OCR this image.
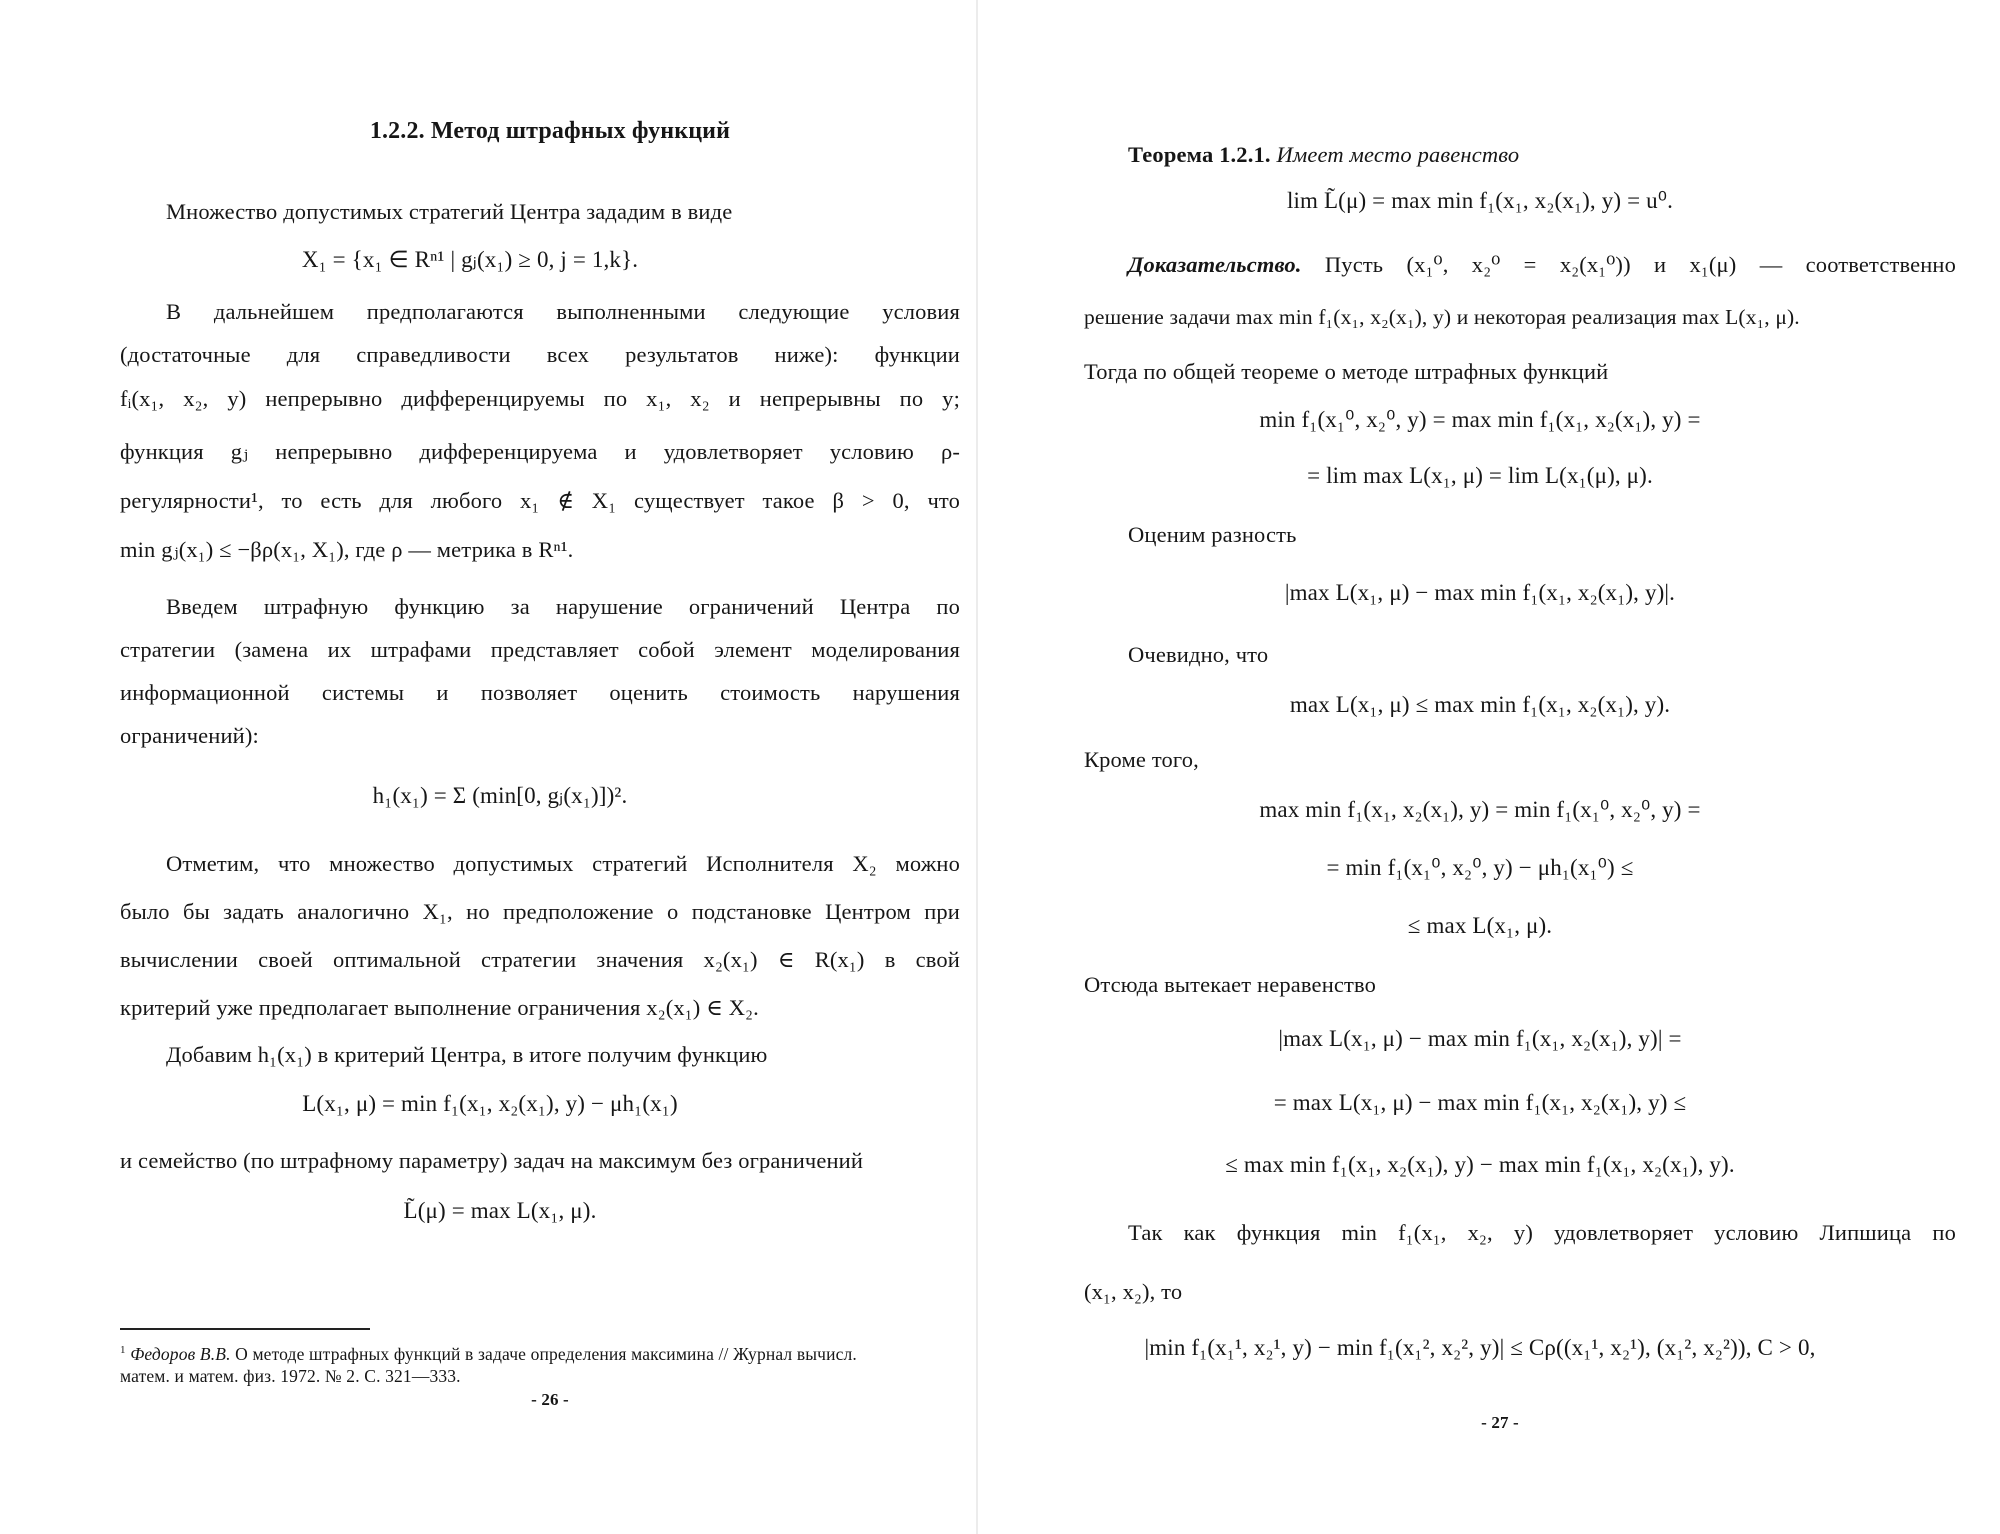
1.2.2. Метод штрафных функций
Множество допустимых стратегий Центра зададим в виде
X₁ = {x₁ ∈ Rⁿ¹ | gⱼ(x₁) ≥ 0, j = 1,k}.
В дальнейшем предполагаются выполненными следующие условия
(достаточные для справедливости всех результатов ниже): функции
fᵢ(x₁, x₂, y) непрерывно дифференцируемы по x₁, x₂ и непрерывны по y;
функция gⱼ непрерывно дифференцируема и удовлетворяет условию ρ-
регулярности¹, то есть для любого x₁ ∉ X₁ существует такое β > 0, что
min gⱼ(x₁) ≤ −βρ(x₁, X₁), где ρ — метрика в Rⁿ¹.
Введем штрафную функцию за нарушение ограничений Центра по
стратегии (замена их штрафами представляет собой элемент моделирования
информационной системы и позволяет оценить стоимость нарушения
ограничений):
h₁(x₁) = Σ (min[0, gⱼ(x₁)])².
Отметим, что множество допустимых стратегий Исполнителя X₂ можно
было бы задать аналогично X₁, но предположение о подстановке Центром при
вычислении своей оптимальной стратегии значения x₂(x₁) ∈ R(x₁) в свой
критерий уже предполагает выполнение ограничения x₂(x₁) ∈ X₂.
Добавим h₁(x₁) в критерий Центра, в итоге получим функцию
L(x₁, μ) = min f₁(x₁, x₂(x₁), y) − μh₁(x₁)
и семейство (по штрафному параметру) задач на максимум без ограничений
L̃(μ) = max L(x₁, μ).
$^1$ Федоров В.В. О методе штрафных функций в задаче определения максимина // Журнал вычисл.
матем. и матем. физ. 1972. № 2. С. 321—333.
- 26 -
Теорема 1.2.1. Имеет место равенство
lim L̃(μ) = max min f₁(x₁, x₂(x₁), y) = u⁰.
Доказательство. Пусть (x₁⁰, x₂⁰ = x₂(x₁⁰)) и x₁(μ) — соответственно
решение задачи max min f₁(x₁, x₂(x₁), y) и некоторая реализация max L(x₁, μ).
Тогда по общей теореме о методе штрафных функций
min f₁(x₁⁰, x₂⁰, y) = max min f₁(x₁, x₂(x₁), y) =
= lim max L(x₁, μ) = lim L(x₁(μ), μ).
Оценим разность
|max L(x₁, μ) − max min f₁(x₁, x₂(x₁), y)|.
Очевидно, что
max L(x₁, μ) ≤ max min f₁(x₁, x₂(x₁), y).
Кроме того,
max min f₁(x₁, x₂(x₁), y) = min f₁(x₁⁰, x₂⁰, y) =
= min f₁(x₁⁰, x₂⁰, y) − μh₁(x₁⁰) ≤
≤ max L(x₁, μ).
Отсюда вытекает неравенство
|max L(x₁, μ) − max min f₁(x₁, x₂(x₁), y)| =
= max L(x₁, μ) − max min f₁(x₁, x₂(x₁), y) ≤
≤ max min f₁(x₁, x₂(x₁), y) − max min f₁(x₁, x₂(x₁), y).
Так как функция min f₁(x₁, x₂, y) удовлетворяет условию Липшица по
(x₁, x₂), то
|min f₁(x₁¹, x₂¹, y) − min f₁(x₁², x₂², y)| ≤ Cρ((x₁¹, x₂¹), (x₁², x₂²)), C > 0,
- 27 -
